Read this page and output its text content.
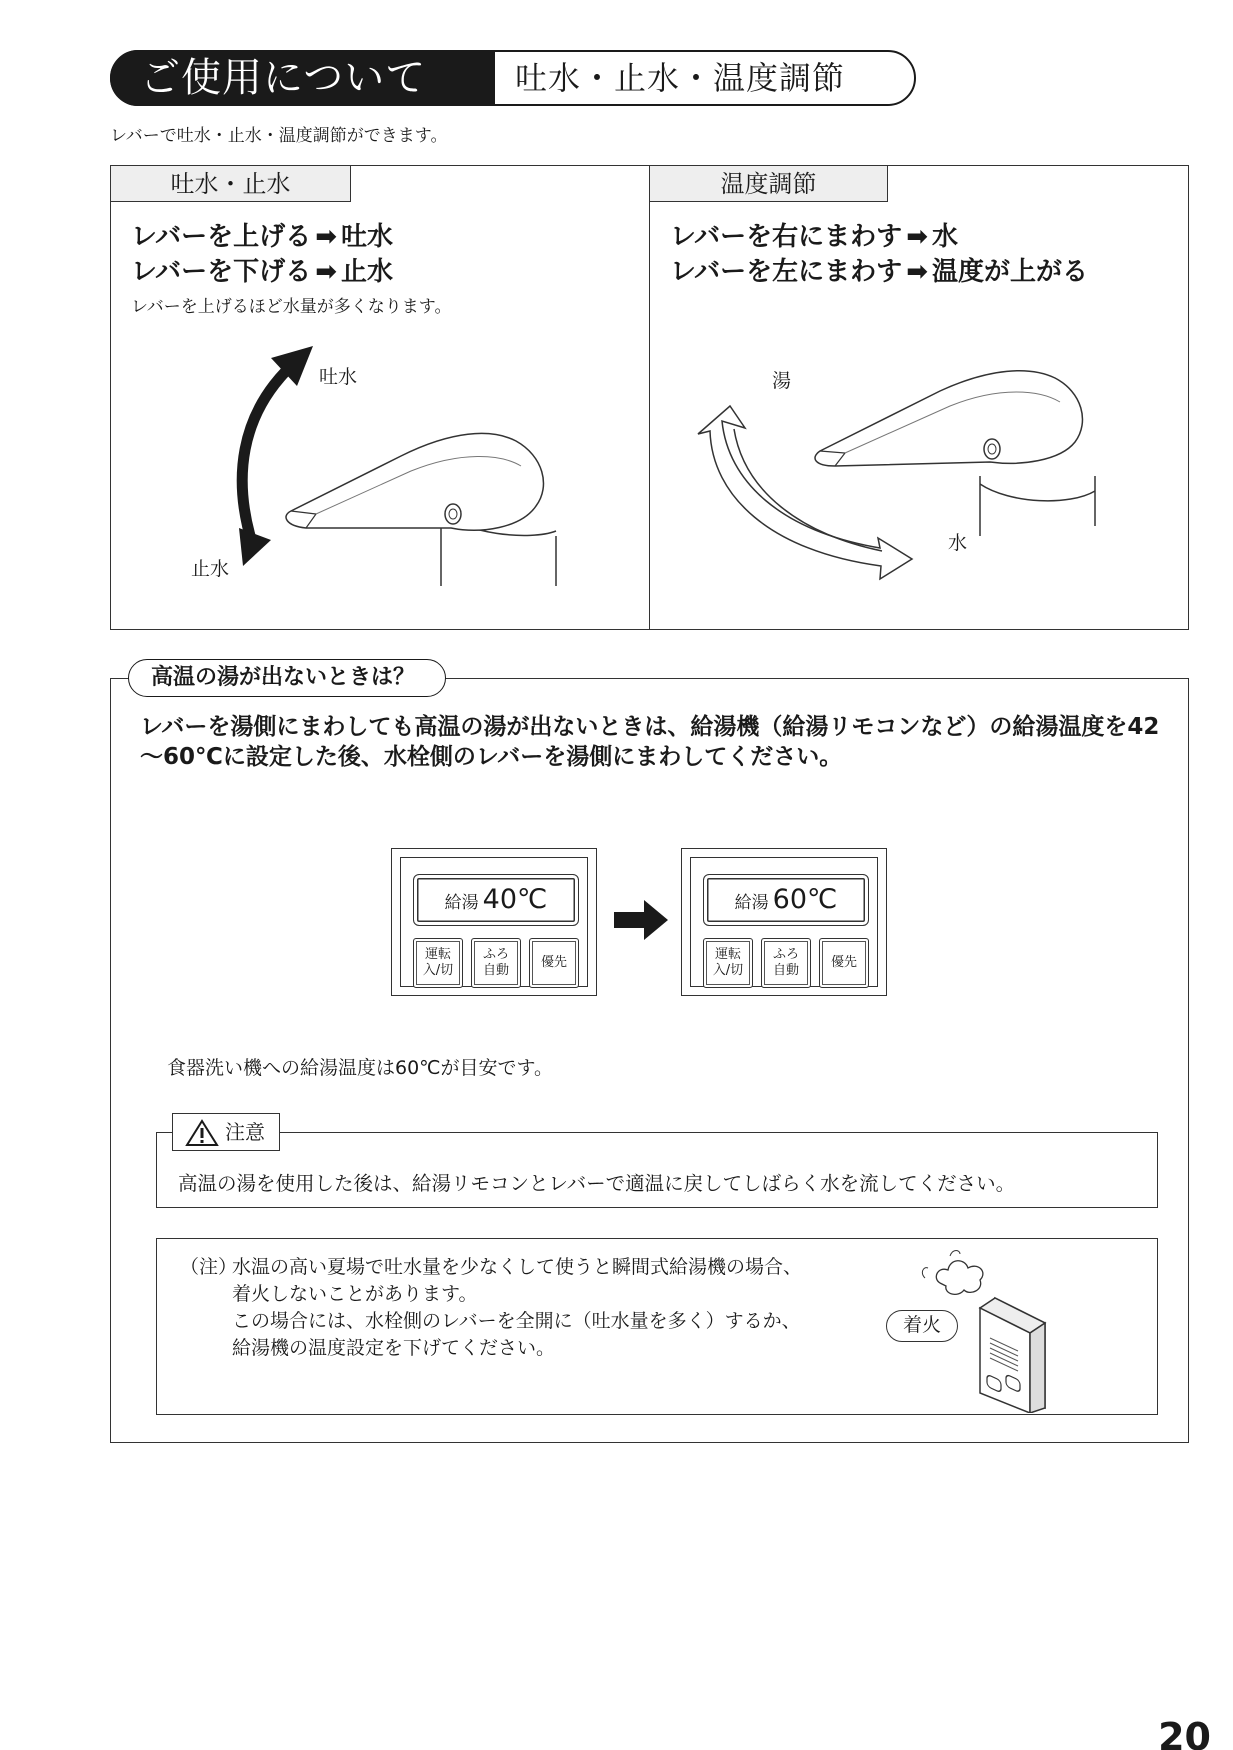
ご使用について	吐水・止水・温度調節
レバーで吐水・止水・温度調節ができます。
吐水・止水
レバーを上げる ➡ 吐水
レバーを下げる ➡ 止水
レバーを上げるほど水量が多くなります。
吐水
止水
温度調節
レバーを右にまわす ➡ 水
レバーを左にまわす ➡ 温度が上がる
湯
水
高温の湯が出ないときは？
レバーを湯側にまわしても高温の湯が出ないときは、給湯機（給湯リモコンなど）の給湯温度を42～60℃に設定した後、水栓側のレバーを湯側にまわしてください。
給湯 40℃
運転
入/切
ふろ
自動
優先
給湯 60℃
運転
入/切
ふろ
自動
優先
食器洗い機への給湯温度は60℃が目安です。
注意
高温の湯を使用した後は、給湯リモコンとレバーで適温に戻してしばらく水を流してください。
（注）
水温の高い夏場で吐水量を少なくして使うと瞬間式給湯機の場合、
着火しないことがあります。
この場合には、水栓側のレバーを全開に（吐水量を多く）するか、
給湯機の温度設定を下げてください。
着火
20
